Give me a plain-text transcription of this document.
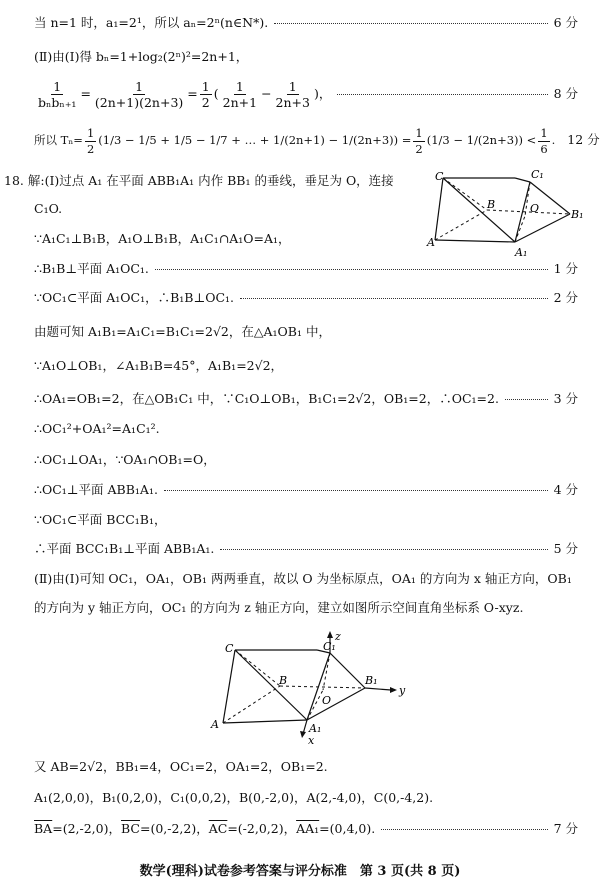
当 n=1 时，a₁=2¹，所以 aₙ=2ⁿ(n∈N*).	6 分
(Ⅱ)由(Ⅰ)得 bₙ=1+log₂(2ⁿ)²=2n+1，
$\frac{1}{\text{bₙbₙ₊₁}} = \frac{1}{(2n+1)(2n+3)} = \frac{1}{2}$ ( $\frac{1}{2n+1} - \frac{1}{2n+3}$ )，	8 分
所以 $T_n= \frac{1}{2} (1/3 - 1/5 + 1/5 - 1/7$ + … + $1/(2n+1) - 1/(2n+3)) = \frac{1}{2} (1/3 - 1/(2n+3)) < \frac{1}{6}$ . 12 分
18. 解:(Ⅰ)过点 A₁ 在平面 ABB₁A₁ 内作 BB₁ 的垂线，垂足为 O，连接
C₁O.
C	C₁
B	O	B₁
A
A₁
∵A₁C₁⊥B₁B，A₁O⊥B₁B，A₁C₁∩A₁O=A₁，
∴B₁B⊥平面 A₁OC₁.	1 分
∵OC₁⊂平面 A₁OC₁，∴B₁B⊥OC₁.	2 分
由题可知 A₁B₁=A₁C₁=B₁C₁=2√2，在△A₁OB₁ 中，
∵A₁O⊥OB₁，∠A₁B₁B=45°，A₁B₁=2√2，
∴OA₁=OB₁=2，在△OB₁C₁ 中，∵C₁O⊥OB₁，B₁C₁=2√2，OB₁=2，∴OC₁=2.	3 分
∴OC₁²+OA₁²=A₁C₁².
∴OC₁⊥OA₁，∵OA₁∩OB₁=O，
∴OC₁⊥平面 ABB₁A₁.	4 分
∵OC₁⊂平面 BCC₁B₁，
∴平面 BCC₁B₁⊥平面 ABB₁A₁.	5 分
(Ⅱ)由(Ⅰ)可知 OC₁，OA₁，OB₁ 两两垂直，故以 O 为坐标原点，OA₁ 的方向为 x 轴正方向，OB₁
的方向为 y 轴正方向，OC₁ 的方向为 z 轴正方向，建立如图所示空间直角坐标系 O-xyz.
C	C₁
z
B
O
B₁
y
A	A₁
x
又 AB=2√2，BB₁=4，OC₁=2，OA₁=2，OB₁=2.
A₁(2,0,0)，B₁(0,2,0)，C₁(0,0,2)，B(0,-2,0)，A(2,-4,0)，C(0,-4,2).
$\overline{BA}=(2,-2,0)$，$\overline{BC}=(0,-2,2)$，$\overline{AC}=(-2,0,2)$，AA₁=(0,4,0).	7 分
数学(理科)试卷参考答案与评分标准　第 3 页(共 8 页)
